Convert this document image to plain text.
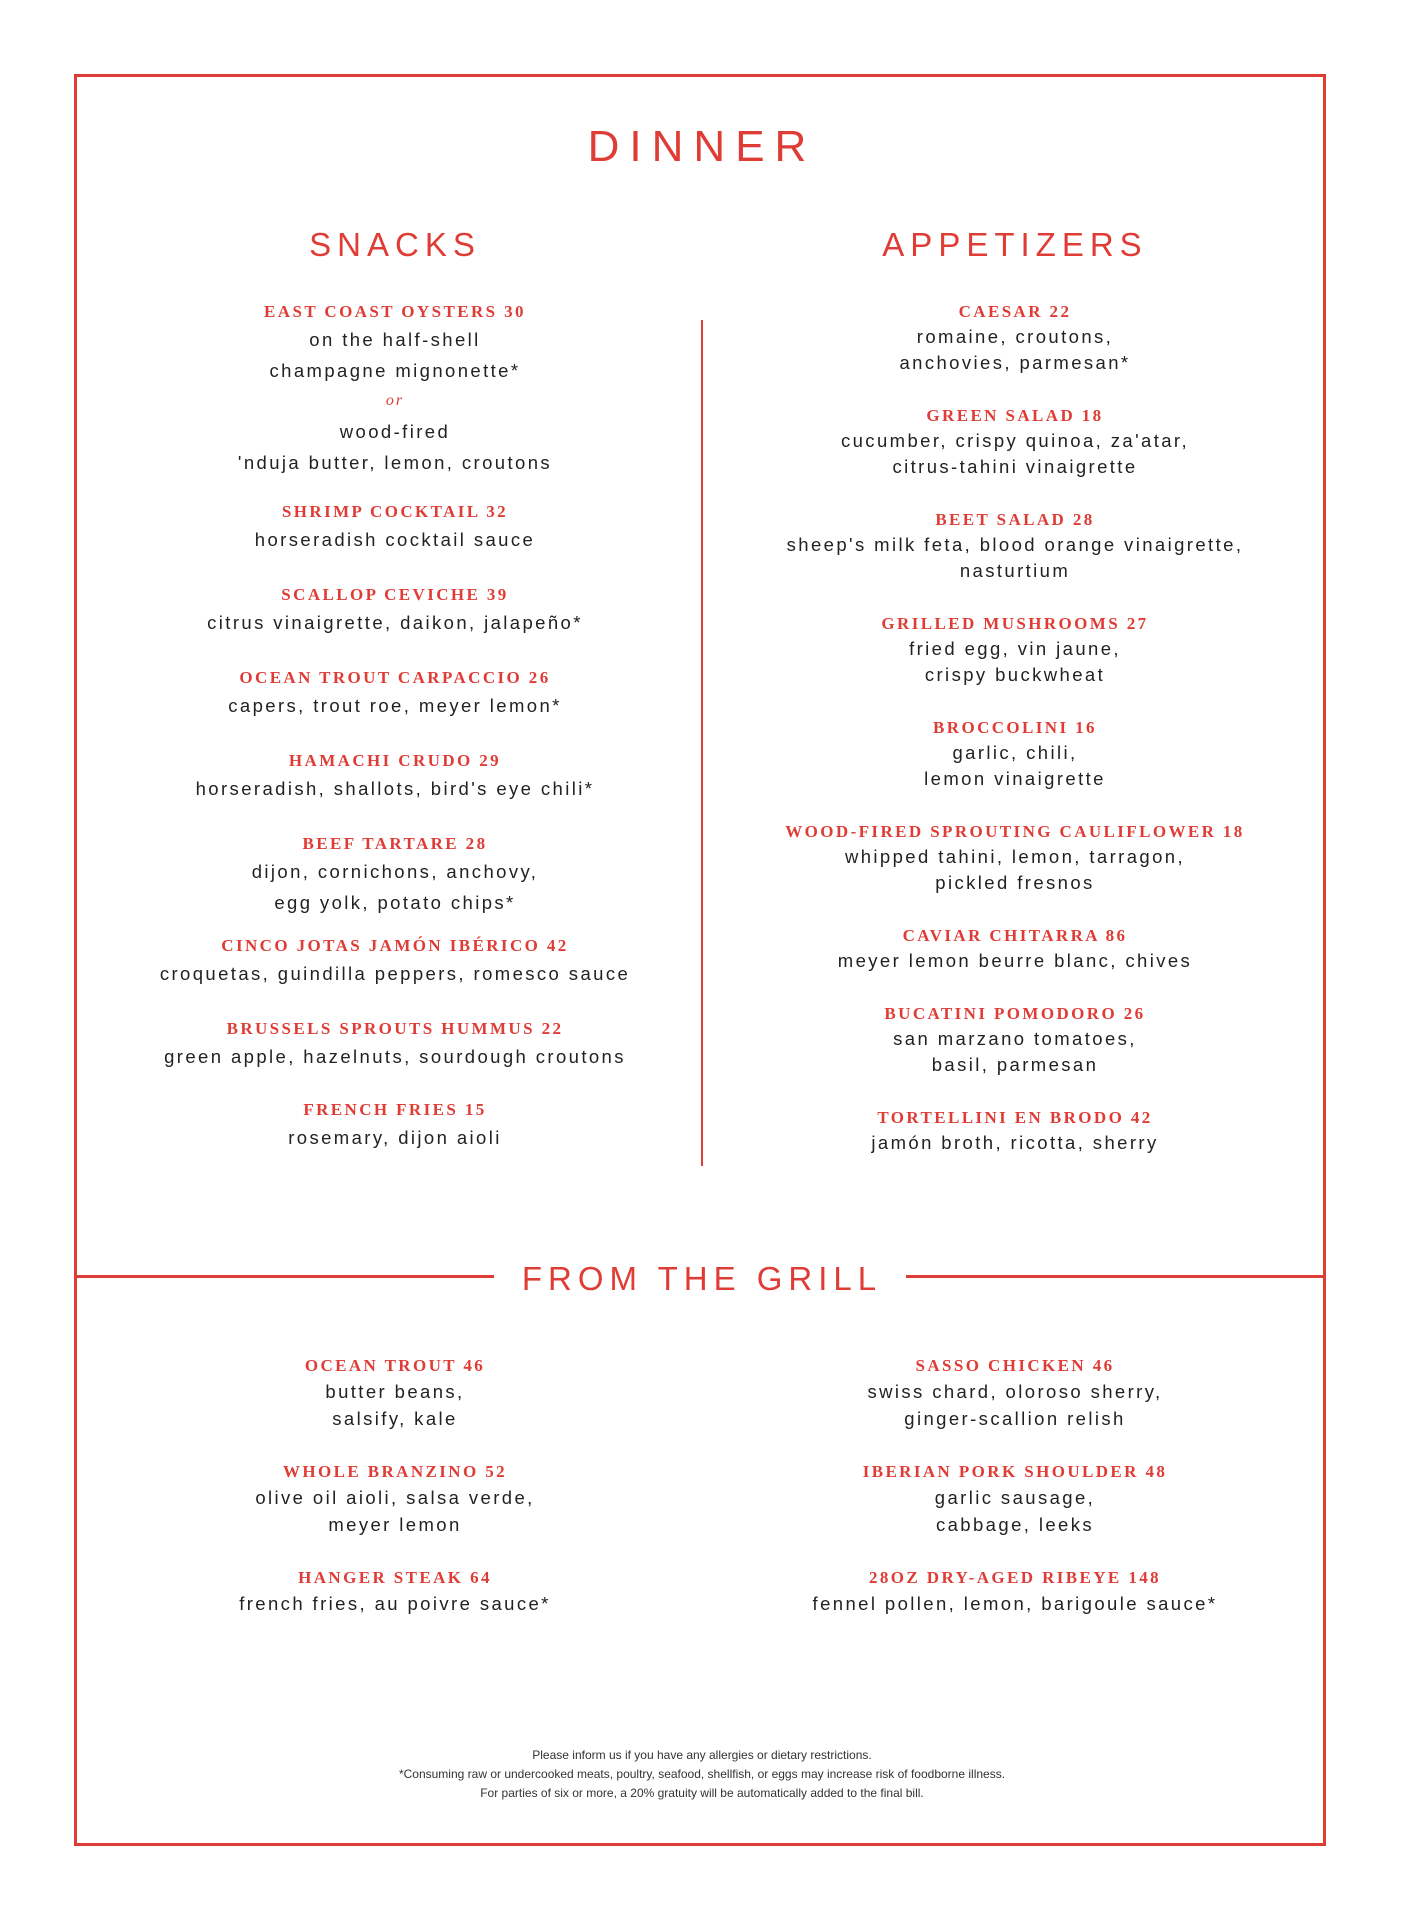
DINNER
SNACKS
EAST COAST OYSTERS 30
on the half-shell
champagne mignonette*
or
wood-fired
'nduja butter, lemon, croutons
SHRIMP COCKTAIL 32
horseradish cocktail sauce
SCALLOP CEVICHE 39
citrus vinaigrette, daikon, jalapeño*
OCEAN TROUT CARPACCIO 26
capers, trout roe, meyer lemon*
HAMACHI CRUDO 29
horseradish, shallots, bird's eye chili*
BEEF TARTARE 28
dijon, cornichons, anchovy,
egg yolk, potato chips*
CINCO JOTAS JAMÓN IBÉRICO 42
croquetas, guindilla peppers, romesco sauce
BRUSSELS SPROUTS HUMMUS 22
green apple, hazelnuts, sourdough croutons
FRENCH FRIES 15
rosemary, dijon aioli
APPETIZERS
CAESAR 22
romaine, croutons,
anchovies, parmesan*
GREEN SALAD 18
cucumber, crispy quinoa, za'atar,
citrus-tahini vinaigrette
BEET SALAD 28
sheep's milk feta, blood orange vinaigrette,
nasturtium
GRILLED MUSHROOMS 27
fried egg, vin jaune,
crispy buckwheat
BROCCOLINI 16
garlic, chili,
lemon vinaigrette
WOOD-FIRED SPROUTING CAULIFLOWER 18
whipped tahini, lemon, tarragon,
pickled fresnos
CAVIAR CHITARRA 86
meyer lemon beurre blanc, chives
BUCATINI POMODORO 26
san marzano tomatoes,
basil, parmesan
TORTELLINI EN BRODO 42
jamón broth, ricotta, sherry
FROM THE GRILL
OCEAN TROUT 46
butter beans,
salsify, kale
WHOLE BRANZINO 52
olive oil aioli, salsa verde,
meyer lemon
HANGER STEAK 64
french fries, au poivre sauce*
SASSO CHICKEN 46
swiss chard, oloroso sherry,
ginger-scallion relish
IBERIAN PORK SHOULDER 48
garlic sausage,
cabbage, leeks
28OZ DRY-AGED RIBEYE 148
fennel pollen, lemon, barigoule sauce*
Please inform us if you have any allergies or dietary restrictions.
*Consuming raw or undercooked meats, poultry, seafood, shellfish, or eggs may increase risk of foodborne illness.
For parties of six or more, a 20% gratuity will be automatically added to the final bill.
